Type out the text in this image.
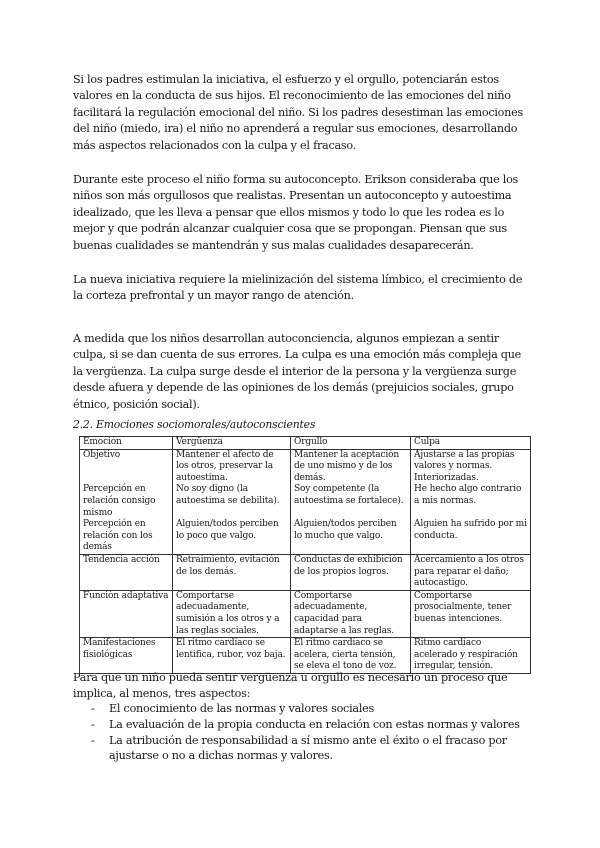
Si los padres estimulan la iniciativa, el esfuerzo y el orgullo, potenciarán estos valores en la conducta de sus hijos. El reconocimiento de las emociones del niño facilitará la regulación emocional del niño. Si los padres desestiman las emociones del niño (miedo, ira) el niño no aprenderá a regular sus emociones, desarrollando más aspectos relacionados con la culpa y el fracaso.

Durante este proceso el niño forma su autoconcepto. Erikson consideraba que los niños son más orgullosos que realistas. Presentan un autoconcepto y autoestima idealizado, que les lleva a pensar que ellos mismos y todo lo que les rodea es lo mejor y que podrán alcanzar cualquier cosa que se propongan. Piensan que sus buenas cualidades se mantendrán y sus malas cualidades desaparecerán.

La nueva iniciativa requiere la mielinización del sistema límbico, el crecimiento de la corteza prefrontal y un mayor rango de atención.

A medida que los niños desarrollan autoconciencia, algunos empiezan a sentir culpa, si se dan cuenta de sus errores. La culpa es una emoción más compleja que la vergüenza. La culpa surge desde el interior de la persona y la vergüenza surge desde afuera y depende de las opiniones de los demás (prejuicios sociales, grupo étnico, posición social).

2.2. Emociones sociomorales/autoconscientes
Emoción	Vergüenza	Orgullo	Culpa
Objetivo	Mantener el afecto de los otros, preservar la autoestima.	Mantener la aceptación de uno mismo y de los demás.	Ajustarse a las propias valores y normas. Interiorizadas.
Percepción en relación consigo mismo	No soy digno (la autoestima se debilita).	Soy competente (la autoestima se fortalece).	He hecho algo contrario a mis normas.
Percepción en relación con los demás	Alguien/todos perciben lo poco que valgo.	Alguien/todos perciben lo mucho que valgo.	Alguien ha sufrido por mi conducta.
Tendencia acción	Retraimiento, evitación de los demás.	Conductas de exhibición de los propios logros.	Acercamiento a los otros para reparar el daño; autocastigo.
Función adaptativa	Comportarse adecuadamente, sumisión a los otros y a las reglas sociales.	Comportarse adecuadamente, capacidad para adaptarse a las reglas.	Comportarse prosocialmente, tener buenas intenciones.
Manifestaciones fisiológicas	El ritmo cardíaco se lentifica, rubor, voz baja.	El ritmo cardíaco se acelera, cierta tensión, se eleva el tono de voz.	Ritmo cardíaco acelerado y respiración irregular, tensión.

Para que un niño pueda sentir vergüenza u orgullo es necesario un proceso que implica, al menos, tres aspectos:

- El conocimiento de las normas y valores sociales
- La evaluación de la propia conducta en relación con estas normas y valores
- La atribución de responsabilidad a sí mismo ante el éxito o el fracaso por ajustarse o no a dichas normas y valores.
